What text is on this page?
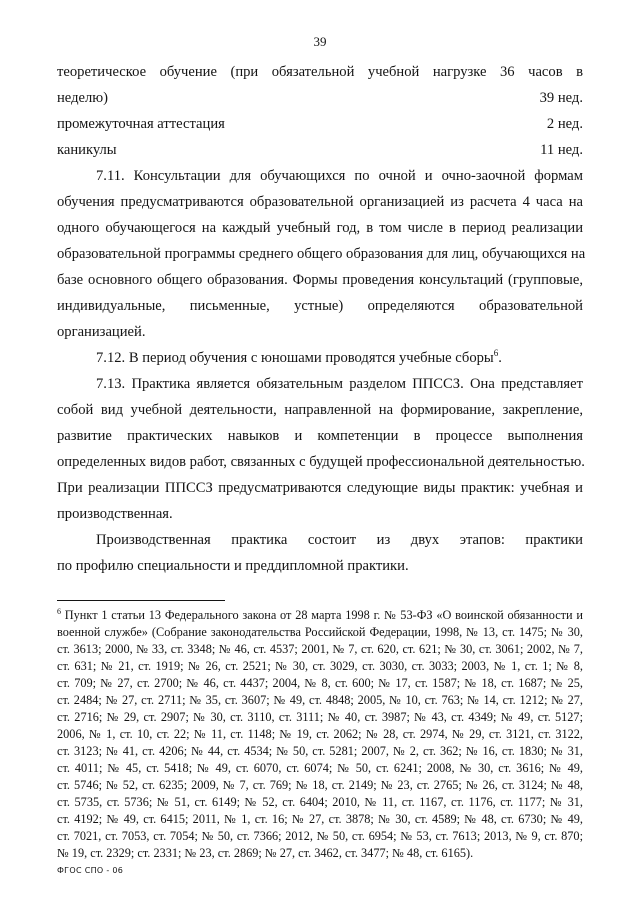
39
теоретическое обучение (при обязательной учебной нагрузке 36 часов в
неделю)	39 нед.
промежуточная аттестация	2 нед.
каникулы	11 нед.
7.11. Консультации для обучающихся по очной и очно-заочной формам
обучения предусматриваются образовательной организацией из расчета 4 часа на
одного обучающегося на каждый учебный год, в том числе в период реализации
образовательной программы среднего общего образования для лиц, обучающихся на
базе основного общего образования. Формы проведения консультаций (групповые,
индивидуальные, письменные, устные) определяются образовательной
организацией.
7.12. В период обучения с юношами проводятся учебные сборы$^6$.
7.13. Практика является обязательным разделом ППССЗ. Она представляет
собой вид учебной деятельности, направленной на формирование, закрепление,
развитие практических навыков и компетенции в процессе выполнения
определенных видов работ, связанных с будущей профессиональной деятельностью.
При реализации ППССЗ предусматриваются следующие виды практик: учебная и
производственная.
Производственная практика состоит из двух этапов: практики
по профилю специальности и преддипломной практики.
$^6$ Пункт 1 статьи 13 Федерального закона от 28 марта 1998 г. № 53-ФЗ «О воинской обязанности и
военной службе» (Собрание законодательства Российской Федерации, 1998, № 13, ст. 1475; № 30,
ст. 3613; 2000, № 33, ст. 3348; № 46, ст. 4537; 2001, № 7, ст. 620, ст. 621; № 30, ст. 3061; 2002, № 7,
ст. 631; № 21, ст. 1919; № 26, ст. 2521; № 30, ст. 3029, ст. 3030, ст. 3033; 2003, № 1, ст. 1; № 8,
ст. 709; № 27, ст. 2700; № 46, ст. 4437; 2004, № 8, ст. 600; № 17, ст. 1587; № 18, ст. 1687; № 25,
ст. 2484; № 27, ст. 2711; № 35, ст. 3607; № 49, ст. 4848; 2005, № 10, ст. 763; № 14, ст. 1212; № 27,
ст. 2716; № 29, ст. 2907; № 30, ст. 3110, ст. 3111; № 40, ст. 3987; № 43, ст. 4349; № 49, ст. 5127;
2006, № 1, ст. 10, ст. 22; № 11, ст. 1148; № 19, ст. 2062; № 28, ст. 2974, № 29, ст. 3121, ст. 3122,
ст. 3123; № 41, ст. 4206; № 44, ст. 4534; № 50, ст. 5281; 2007, № 2, ст. 362; № 16, ст. 1830; № 31,
ст. 4011; № 45, ст. 5418; № 49, ст. 6070, ст. 6074; № 50, ст. 6241; 2008, № 30, ст. 3616; № 49,
ст. 5746; № 52, ст. 6235; 2009, № 7, ст. 769; № 18, ст. 2149; № 23, ст. 2765; № 26, ст. 3124; № 48,
ст. 5735, ст. 5736; № 51, ст. 6149; № 52, ст. 6404; 2010, № 11, ст. 1167, ст. 1176, ст. 1177; № 31,
ст. 4192; № 49, ст. 6415; 2011, № 1, ст. 16; № 27, ст. 3878; № 30, ст. 4589; № 48, ст. 6730; № 49,
ст. 7021, ст. 7053, ст. 7054; № 50, ст. 7366; 2012, № 50, ст. 6954; № 53, ст. 7613; 2013, № 9, ст. 870;
№ 19, ст. 2329; ст. 2331; № 23, ст. 2869; № 27, ст. 3462, ст. 3477; № 48, ст. 6165).
ФГОС СПО - 06
